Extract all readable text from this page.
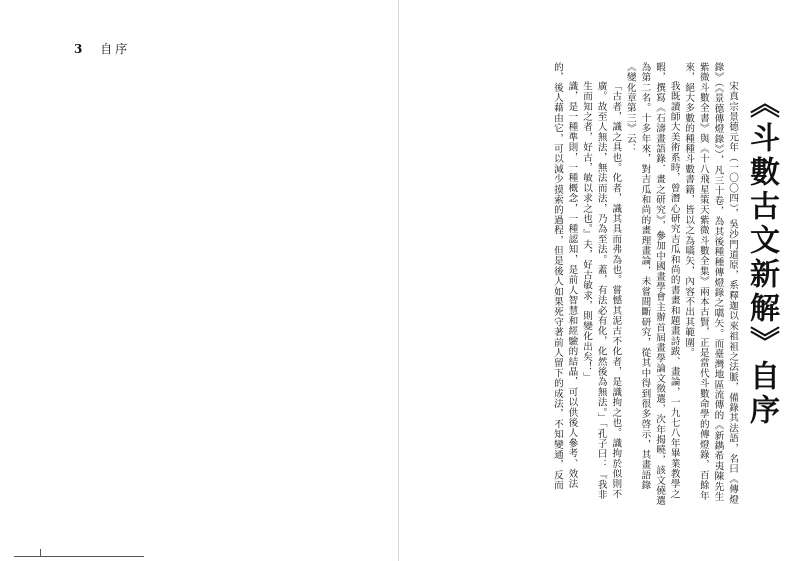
3 自序
《斗數古文新解》自序

宋真宗景德元年（一〇〇四），吳沙門道原，系釋迦以來祖祖之法脈，備錄其法語，名曰《傳燈錄》（《景德傳燈錄》），凡三十卷，為其後種種傳燈錄之嚆矢。而臺灣地區流傳的《新鐫希夷陳先生紫微斗數全書》與《十八飛星策天紫微斗數全集》兩本古賢，正是當代斗數命學的傳燈錄，百餘年來，絕大多數的種種斗數書籍，皆以之為嚆矢，內容不出其範圍。

我既讀師大美術系時，曾潛心研究吉瓜和尚的書畫和題畫詩跋、畫論，一九七八年畢業教學之暇，撰寫《石濤畫語錄．畫之研究》，參加中國畫學會主辦首屆畫學論文徵選，次年揭曉，該文僥選為第二名。十多年來，對吉瓜和尚的畫理畫論，未嘗間斷研究，從其中得到很多啓示，其畫語錄《變化章第三》云：

「古者，識之具也。化者，識其具而弗為也。嘗憾其泥古不化者，是識拘之也。識拘於似則不廣。故至人無法，無法而法，乃為至法。蓋，有法必有化，化然後為無法。」「孔子曰：『我非生而知之者，好古，敏以求之也。』夫，好古敏求，則變化出矣！」

識，是一種準則，一種概念，一種認知，是前人智慧和經驗的結晶，可以供後人參考、效法的，後人藉由它，可以減少摸索的過程，但是後人如果死守著前人留下的成法，不知變通，反而
